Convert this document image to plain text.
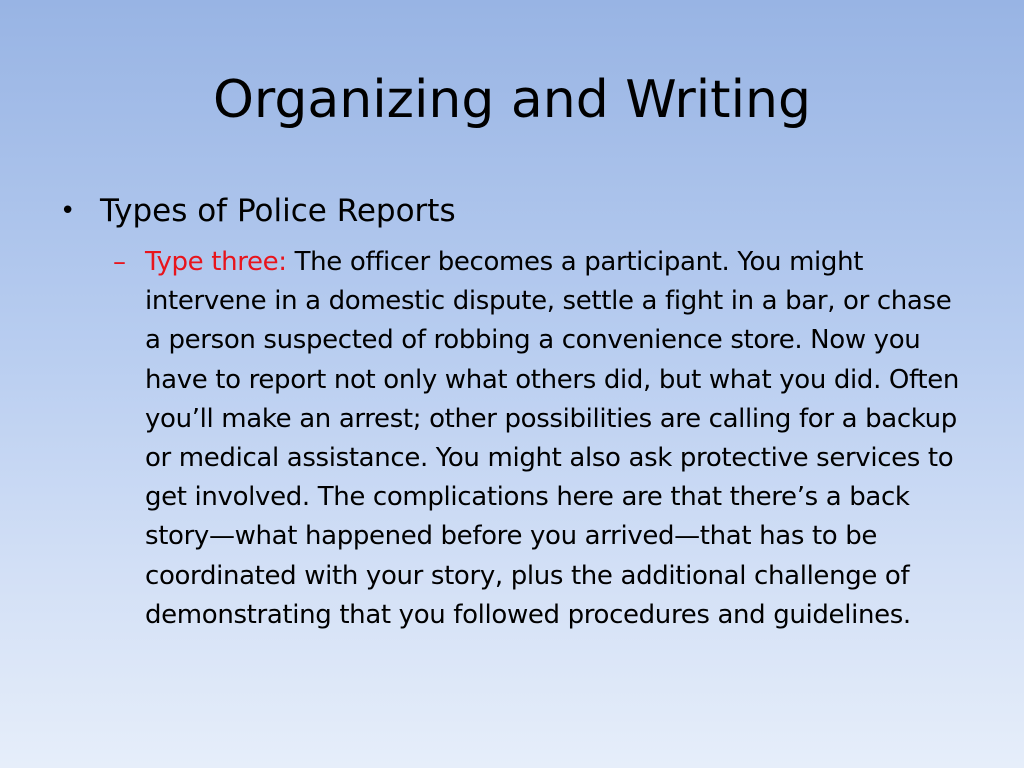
Organizing and Writing
• Types of Police Reports
– Type three: The officer becomes a participant. You might intervene in a domestic dispute, settle a fight in a bar, or chase a person suspected of robbing a convenience store. Now you have to report not only what others did, but what you did. Often you’ll make an arrest; other possibilities are calling for a backup or medical assistance. You might also ask protective services to get involved. The complications here are that there’s a back story—what happened before you arrived—that has to be coordinated with your story, plus the additional challenge of demonstrating that you followed procedures and guidelines.
